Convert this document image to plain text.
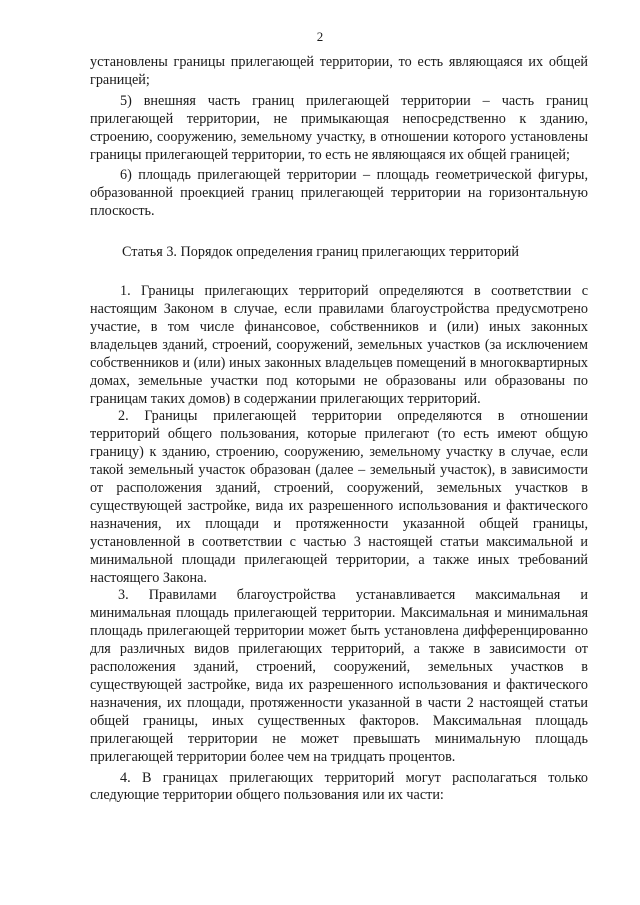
2

установлены границы прилегающей территории, то есть являющаяся их общей границей;

5) внешняя часть границ прилегающей территории – часть границ прилегающей территории, не примыкающая непосредственно к зданию, строению, сооружению, земельному участку, в отношении которого установлены границы прилегающей территории, то есть не являющаяся их общей границей;

6) площадь прилегающей территории – площадь геометрической фигуры, образованной проекцией границ прилегающей территории на горизонтальную плоскость.

Статья 3. Порядок определения границ прилегающих территорий

1. Границы прилегающих территорий определяются в соответствии с настоящим Законом в случае, если правилами благоустройства предусмотрено участие, в том числе финансовое, собственников и (или) иных законных владельцев зданий, строений, сооружений, земельных участков (за исключением собственников и (или) иных законных владельцев помещений в многоквартирных домах, земельные участки под которыми не образованы или образованы по границам таких домов) в содержании прилегающих территорий.

2. Границы прилегающей территории определяются в отношении территорий общего пользования, которые прилегают (то есть имеют общую границу) к зданию, строению, сооружению, земельному участку в случае, если такой земельный участок образован (далее – земельный участок), в зависимости от расположения зданий, строений, сооружений, земельных участков в существующей застройке, вида их разрешенного использования и фактического назначения, их площади и протяженности указанной общей границы, установленной в соответствии с частью 3 настоящей статьи максимальной и минимальной площади прилегающей территории, а также иных требований настоящего Закона.

3. Правилами благоустройства устанавливается максимальная и минимальная площадь прилегающей территории. Максимальная и минимальная площадь прилегающей территории может быть установлена дифференцированно для различных видов прилегающих территорий, а также в зависимости от расположения зданий, строений, сооружений, земельных участков в существующей застройке, вида их разрешенного использования и фактического назначения, их площади, протяженности указанной в части 2 настоящей статьи общей границы, иных существенных факторов. Максимальная площадь прилегающей территории не может превышать минимальную площадь прилегающей территории более чем на тридцать процентов.

4. В границах прилегающих территорий могут располагаться только следующие территории общего пользования или их части:
